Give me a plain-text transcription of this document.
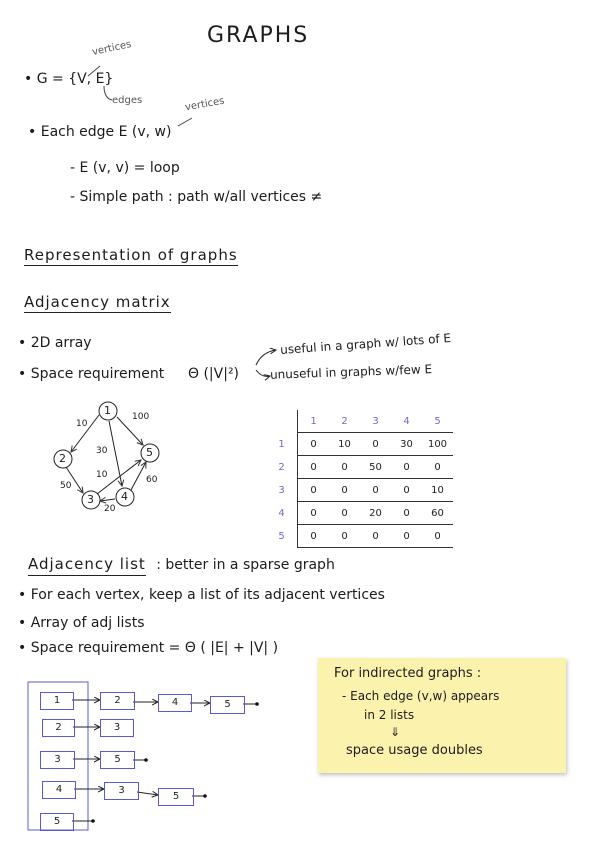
GRAPHS
vertices
• G = {V, E}
edges	vertices
• Each edge E (v, w)
- E (v, v) = loop
- Simple path : path w/all vertices ≠
Representation of graphs
Adjacency matrix
• 2D array
• Space requirement Θ (|V|²)
useful in a graph w/ lots of E
unuseful in graphs w/few E
1
2	5
3 4
10
100
30
10
50
60
20
	1	2	3	4	5
1	0	10	0	30	100
2	0	0	50	0	0
3	0	0	0	0	10
4	0	0	20	0	60
5	0	0	0	0	0
Adjacency list : better in a sparse graph
• For each vertex, keep a list of its adjacent vertices
• Array of adj lists
• Space requirement = Θ ( |E| + |V| )
1
2
3
4
5
2	4	5
3
5
3
5
For indirected graphs :
- Each edge (v,w) appears
in 2 lists
⇓
space usage doubles
